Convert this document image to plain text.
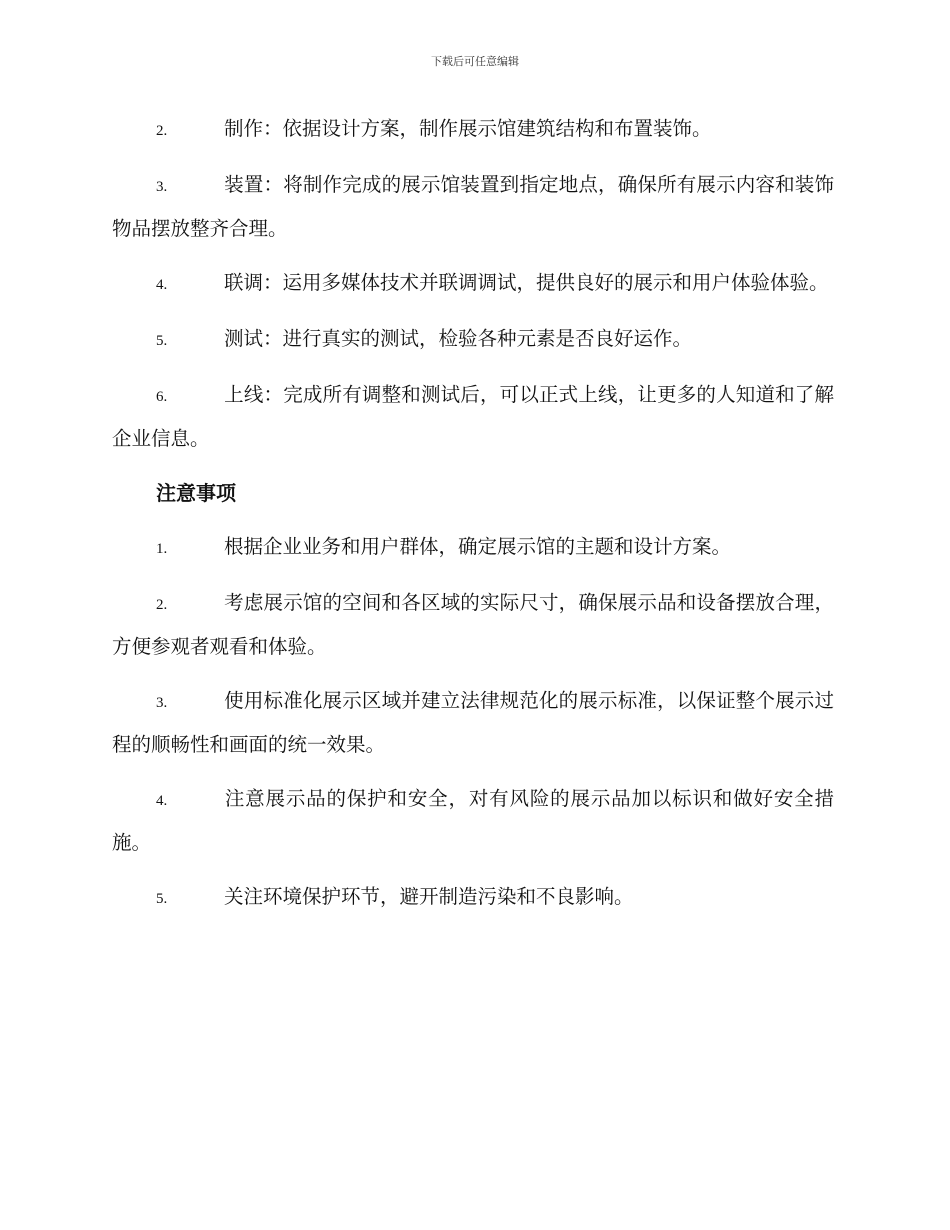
下载后可任意编辑

2.	制作：依据设计方案，制作展示馆建筑结构和布置装饰。

3.	装置：将制作完成的展示馆装置到指定地点，确保所有展示内容和装饰物品摆放整齐合理。

4.	联调：运用多媒体技术并联调调试，提供良好的展示和用户体验体验。

5.	测试：进行真实的测试，检验各种元素是否良好运作。

6.	上线：完成所有调整和测试后，可以正式上线，让更多的人知道和了解企业信息。

注意事项

1.	根据企业业务和用户群体，确定展示馆的主题和设计方案。

2.	考虑展示馆的空间和各区域的实际尺寸，确保展示品和设备摆放合理，方便参观者观看和体验。

3.	使用标准化展示区域并建立法律规范化的展示标准，以保证整个展示过程的顺畅性和画面的统一效果。

4.	注意展示品的保护和安全，对有风险的展示品加以标识和做好安全措施。

5.	关注环境保护环节，避开制造污染和不良影响。
